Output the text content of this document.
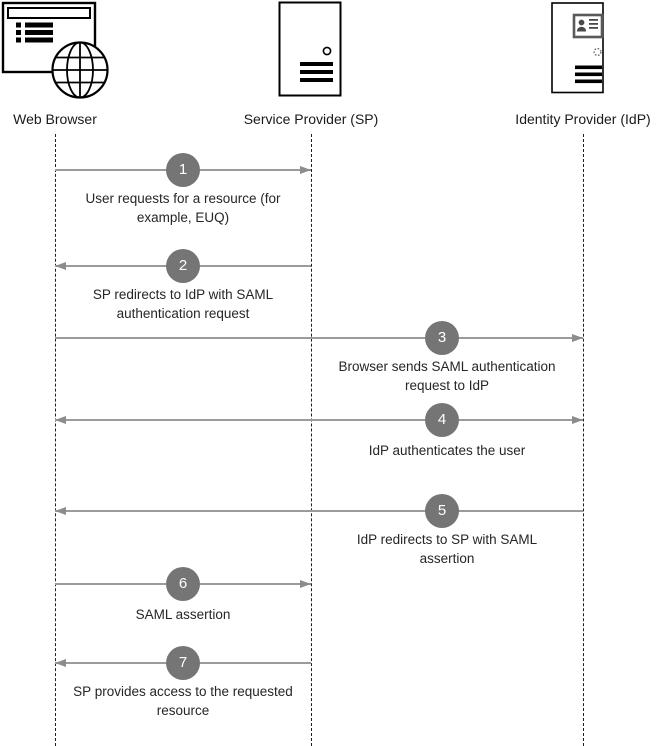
Web Browser	Service Provider (SP)	Identity Provider (IdP)
1
User requests for a resource (for example, EUQ)
2
SP redirects to IdP with SAML authentication request
3
Browser sends SAML authentication request to IdP
4
IdP authenticates the user
5
IdP redirects to SP with SAML assertion
6
SAML assertion
7
SP provides access to the requested resource
